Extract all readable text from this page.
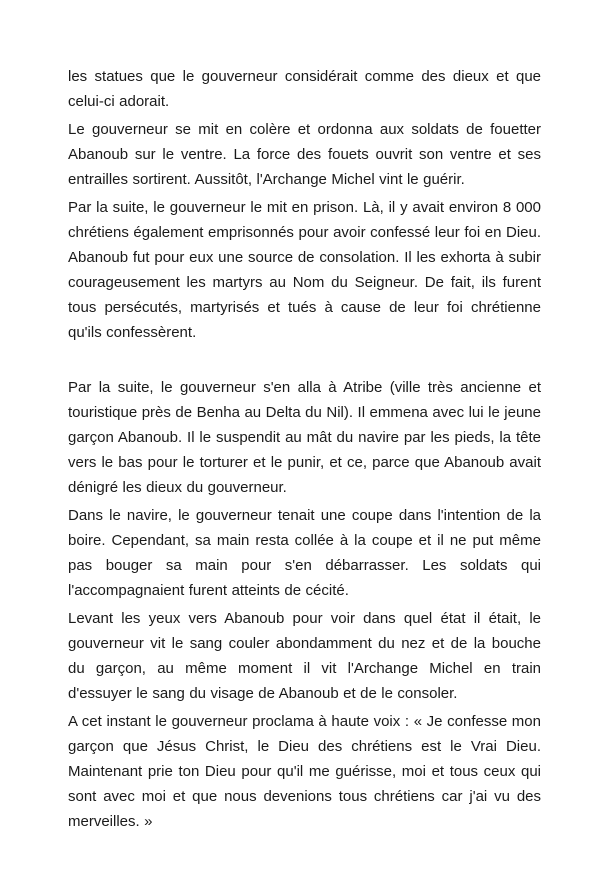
les statues que le gouverneur considérait comme des dieux et que celui-ci adorait.

Le gouverneur se mit en colère et ordonna aux soldats de fouetter Abanoub sur le ventre. La force des fouets ouvrit son ventre et ses entrailles sortirent. Aussitôt, l'Archange Michel vint le guérir.

Par la suite, le gouverneur le mit en prison. Là, il y avait environ 8 000 chrétiens également emprisonnés pour avoir confessé leur foi en Dieu. Abanoub fut pour eux une source de consolation. Il les exhorta à subir courageusement les martyrs au Nom du Seigneur. De fait, ils furent tous persécutés, martyrisés et tués à cause de leur foi chrétienne qu'ils confessèrent.

Par la suite, le gouverneur s'en alla à Atribe (ville très ancienne et touristique près de Benha au Delta du Nil). Il emmena avec lui le jeune garçon Abanoub. Il le suspendit au mât du navire par les pieds, la tête vers le bas pour le torturer et le punir, et ce, parce que Abanoub avait dénigré les dieux du gouverneur.

Dans le navire, le gouverneur tenait une coupe dans l'intention de la boire. Cependant, sa main resta collée à la coupe et il ne put même pas bouger sa main pour s'en débarrasser. Les soldats qui l'accompagnaient furent atteints de cécité.

Levant les yeux vers Abanoub pour voir dans quel état il était, le gouverneur vit le sang couler abondamment du nez et de la bouche du garçon, au même moment il vit l'Archange Michel en train d'essuyer le sang du visage de Abanoub et de le consoler.

A cet instant le gouverneur proclama à haute voix : « Je confesse mon garçon que Jésus Christ, le Dieu des chrétiens est le Vrai Dieu. Maintenant prie ton Dieu pour qu'il me guérisse, moi et tous ceux qui sont avec moi et que nous devenions tous chrétiens car j'ai vu des merveilles. »
